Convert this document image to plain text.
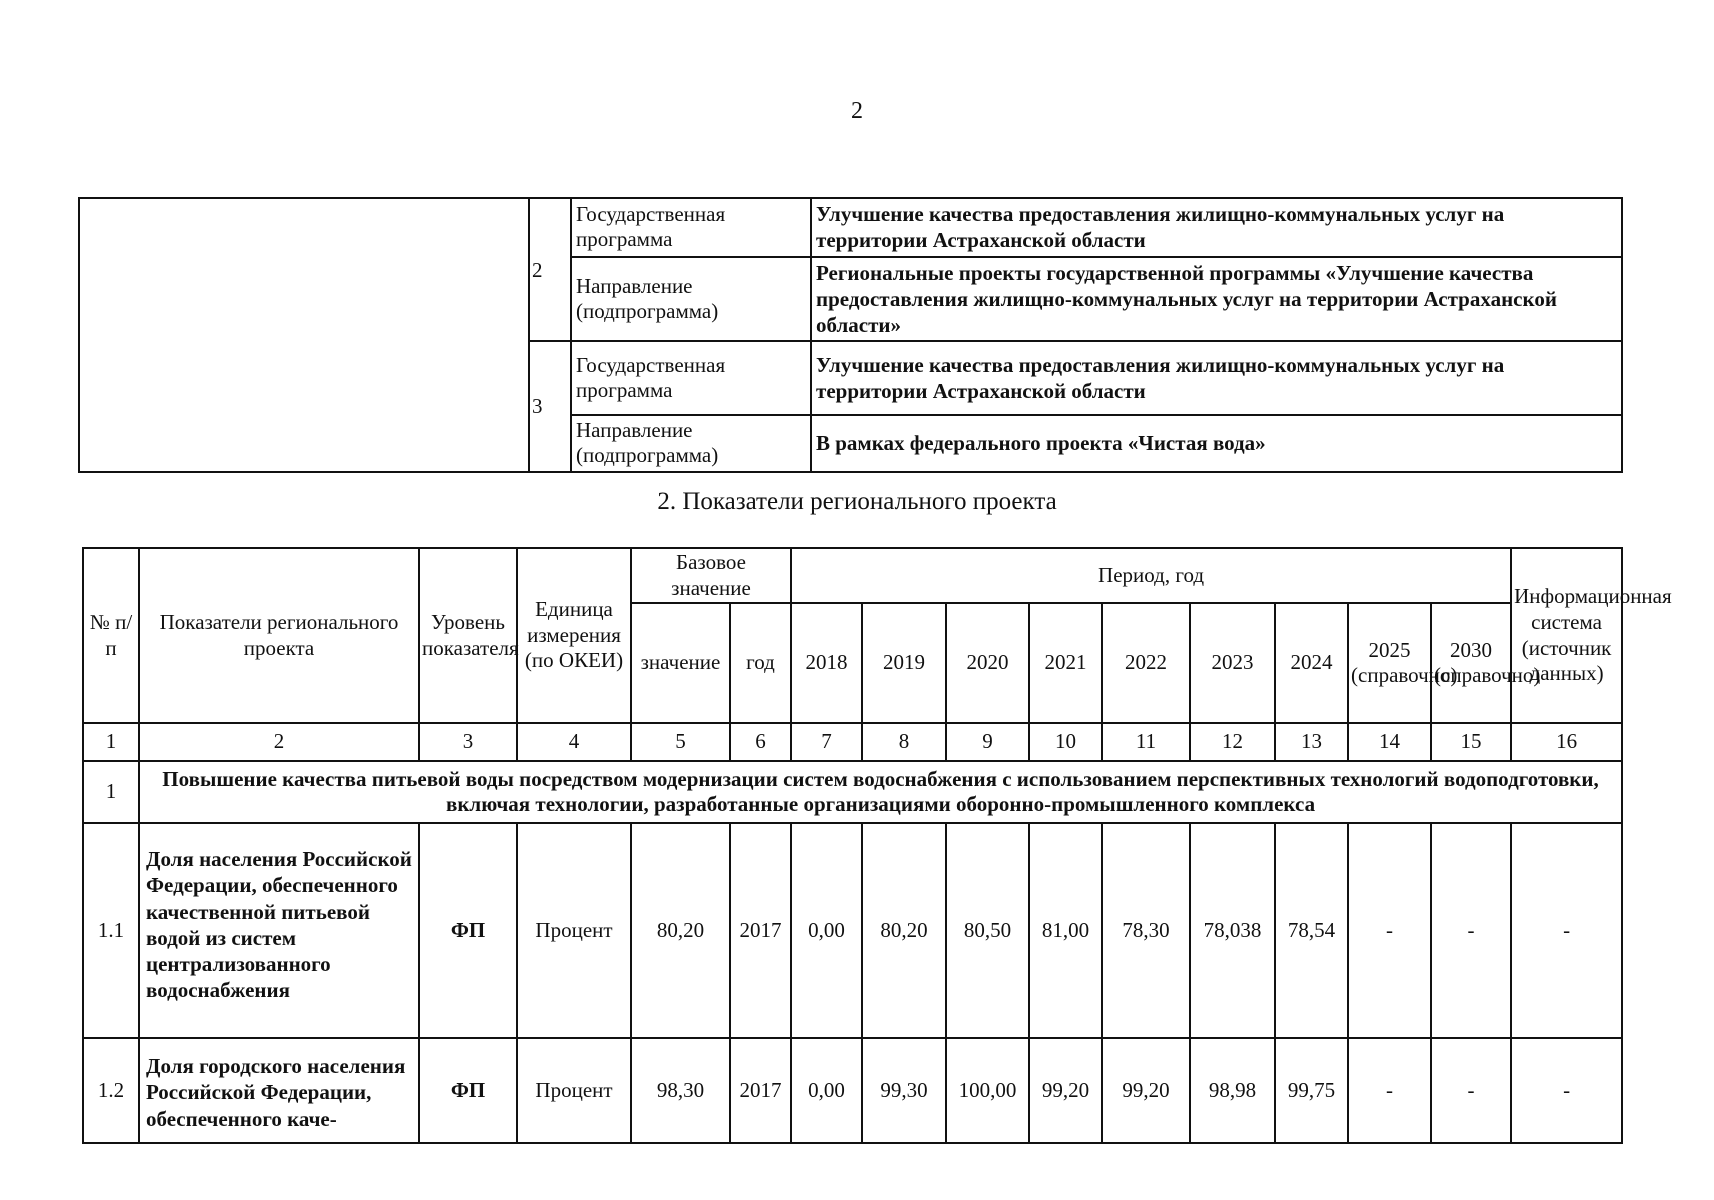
2
	2	Государственная программа	Улучшение качества предоставления жилищно-коммунальных услуг на территории Астраханской области
		Направление (подпрограмма)	Региональные проекты государственной программы «Улучшение качества предоставления жилищно-коммунальных услуг на территории Астраханской области»
	3	Государственная программа	Улучшение качества предоставления жилищно-коммунальных услуг на территории Астраханской области
		Направление (подпрограмма)	В рамках федерального проекта «Чистая вода»
2. Показатели регионального проекта
№ п/п	Показатели регионального проекта	Уровень показателя	Единица измерения (по ОКЕИ)	Базовое значение		Период, год									Информационная система (источник данных)
				значение	год	2018	2019	2020	2021	2022	2023	2024	2025 (справочно)	2030 (справочно)	
1	2	3	4	5	6	7	8	9	10	11	12	13	14	15	16
1	Повышение качества питьевой воды посредством модернизации систем водоснабжения с использованием перспективных технологий водоподготовки, включая технологии, разработанные организациями оборонно-промышленного комплекса														
1.1	Доля населения Российской Федерации, обеспеченного качественной питьевой водой из систем централизованного водоснабжения	ФП	Процент	80,20	2017	0,00	80,20	80,50	81,00	78,30	78,038	78,54	-	-	-
1.2	Доля городского населения Российской Федерации, обеспеченного каче-	ФП	Процент	98,30	2017	0,00	99,30	100,00	99,20	99,20	98,98	99,75	-	-	-
